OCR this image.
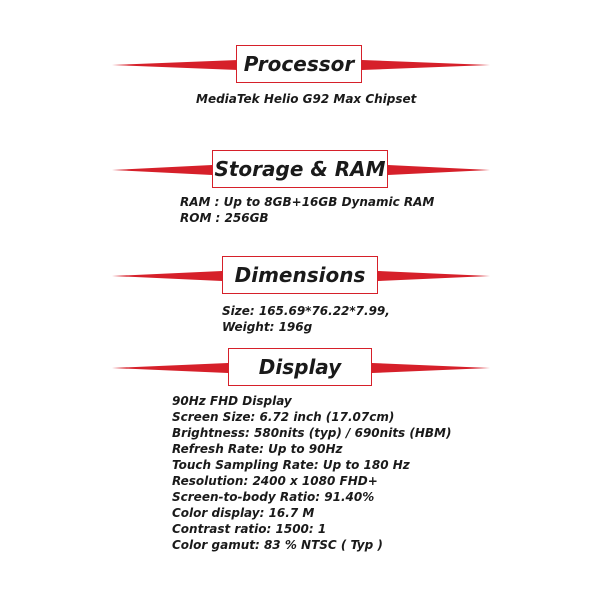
Processor
MediaTek Helio G92 Max Chipset
Storage & RAM
RAM : Up to 8GB+16GB Dynamic RAM
ROM : 256GB
Dimensions
Size: 165.69*76.22*7.99,
Weight: 196g
Display
90Hz FHD Display
Screen Size: 6.72 inch (17.07cm)
Brightness: 580nits (typ) / 690nits (HBM)
Refresh Rate: Up to 90Hz
Touch Sampling Rate: Up to 180 Hz
Resolution: 2400 x 1080 FHD+
Screen-to-body Ratio: 91.40%
Color display: 16.7 M
Contrast ratio: 1500: 1
Color gamut: 83 % NTSC ( Typ )
